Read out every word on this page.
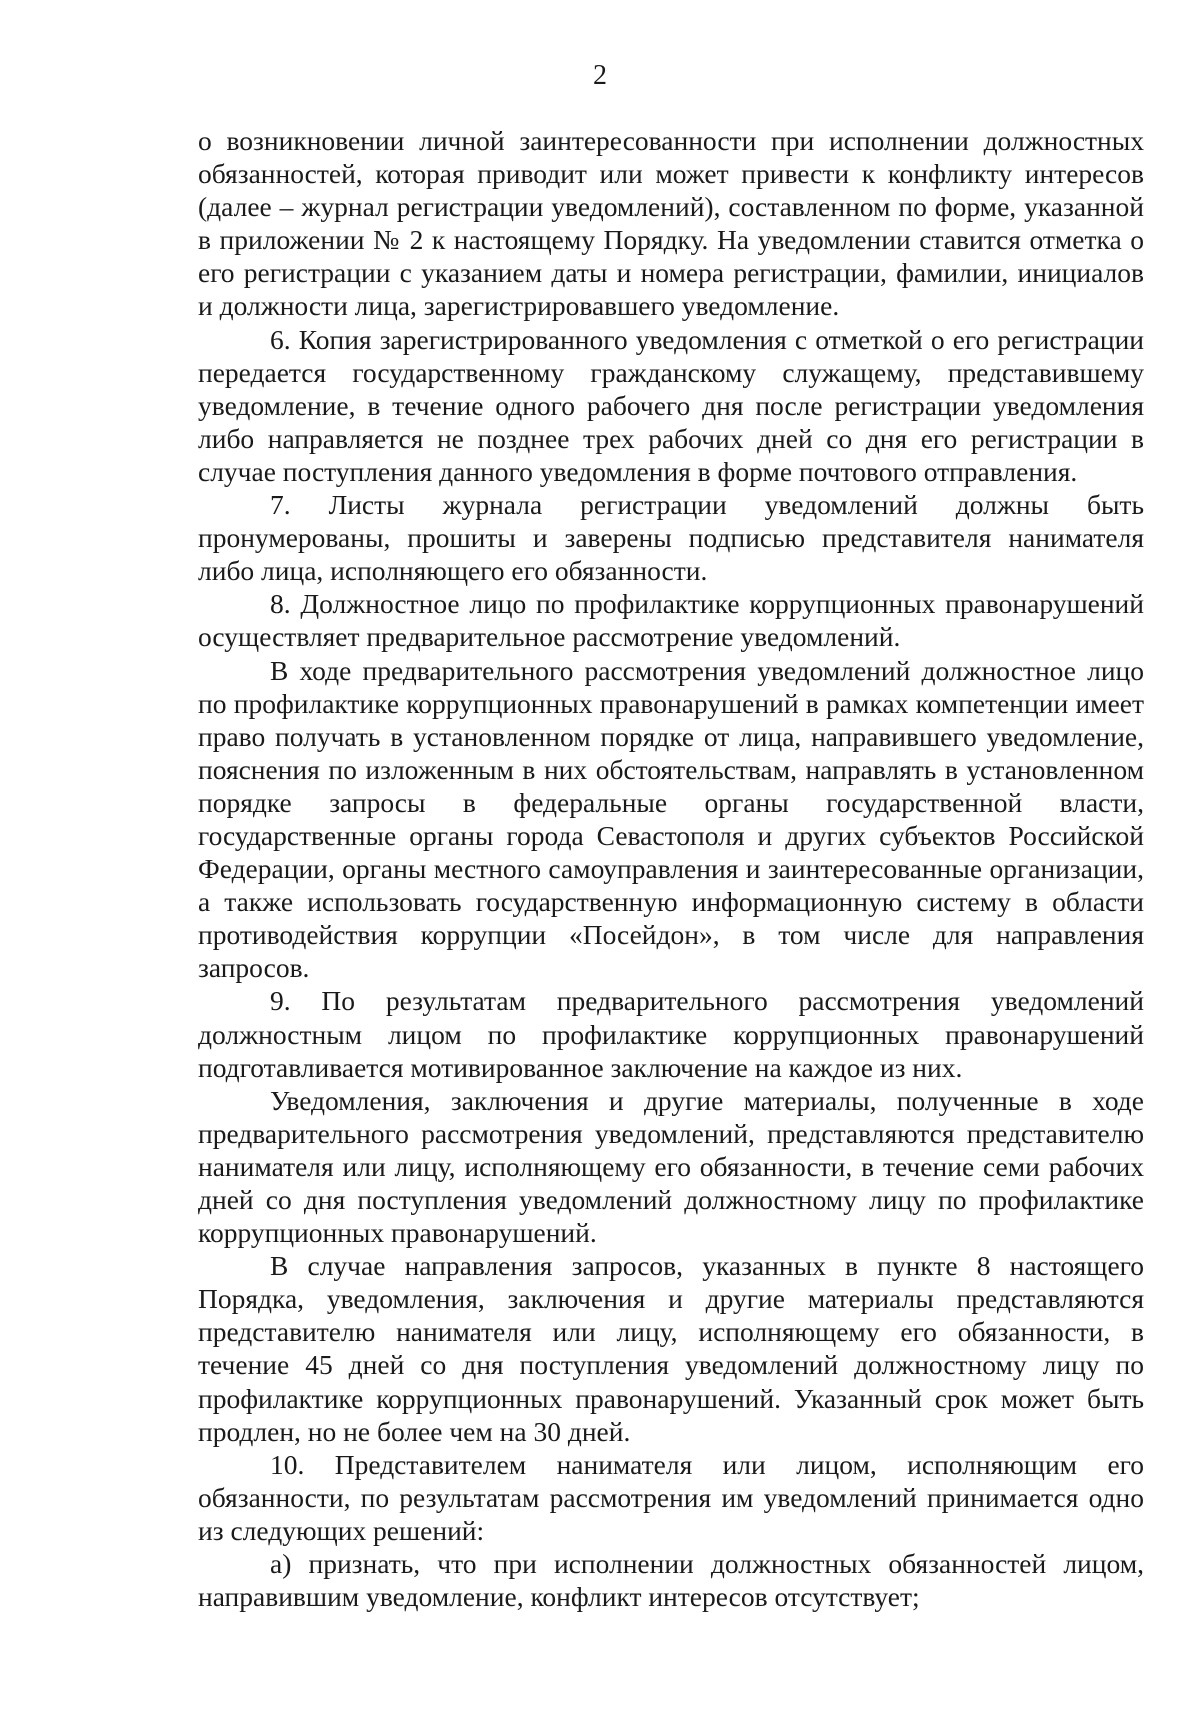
2

о возникновении личной заинтересованности при исполнении должностных обязанностей, которая приводит или может привести к конфликту интересов (далее – журнал регистрации уведомлений), составленном по форме, указанной в приложении № 2 к настоящему Порядку. На уведомлении ставится отметка о его регистрации с указанием даты и номера регистрации, фамилии, инициалов и должности лица, зарегистрировавшего уведомление.

6. Копия зарегистрированного уведомления с отметкой о его регистрации передается государственному гражданскому служащему, представившему уведомление, в течение одного рабочего дня после регистрации уведомления либо направляется не позднее трех рабочих дней со дня его регистрации в случае поступления данного уведомления в форме почтового отправления.

7. Листы журнала регистрации уведомлений должны быть пронумерованы, прошиты и заверены подписью представителя нанимателя либо лица, исполняющего его обязанности.

8. Должностное лицо по профилактике коррупционных правонарушений осуществляет предварительное рассмотрение уведомлений.

В ходе предварительного рассмотрения уведомлений должностное лицо по профилактике коррупционных правонарушений в рамках компетенции имеет право получать в установленном порядке от лица, направившего уведомление, пояснения по изложенным в них обстоятельствам, направлять в установленном порядке запросы в федеральные органы государственной власти, государственные органы города Севастополя и других субъектов Российской Федерации, органы местного самоуправления и заинтересованные организации, а также использовать государственную информационную систему в области противодействия коррупции «Посейдон», в том числе для направления запросов.

9. По результатам предварительного рассмотрения уведомлений должностным лицом по профилактике коррупционных правонарушений подготавливается мотивированное заключение на каждое из них.

Уведомления, заключения и другие материалы, полученные в ходе предварительного рассмотрения уведомлений, представляются представителю нанимателя или лицу, исполняющему его обязанности, в течение семи рабочих дней со дня поступления уведомлений должностному лицу по профилактике коррупционных правонарушений.

В случае направления запросов, указанных в пункте 8 настоящего Порядка, уведомления, заключения и другие материалы представляются представителю нанимателя или лицу, исполняющему его обязанности, в течение 45 дней со дня поступления уведомлений должностному лицу по профилактике коррупционных правонарушений. Указанный срок может быть продлен, но не более чем на 30 дней.

10. Представителем нанимателя или лицом, исполняющим его обязанности, по результатам рассмотрения им уведомлений принимается одно из следующих решений:

а) признать, что при исполнении должностных обязанностей лицом, направившим уведомление, конфликт интересов отсутствует;
